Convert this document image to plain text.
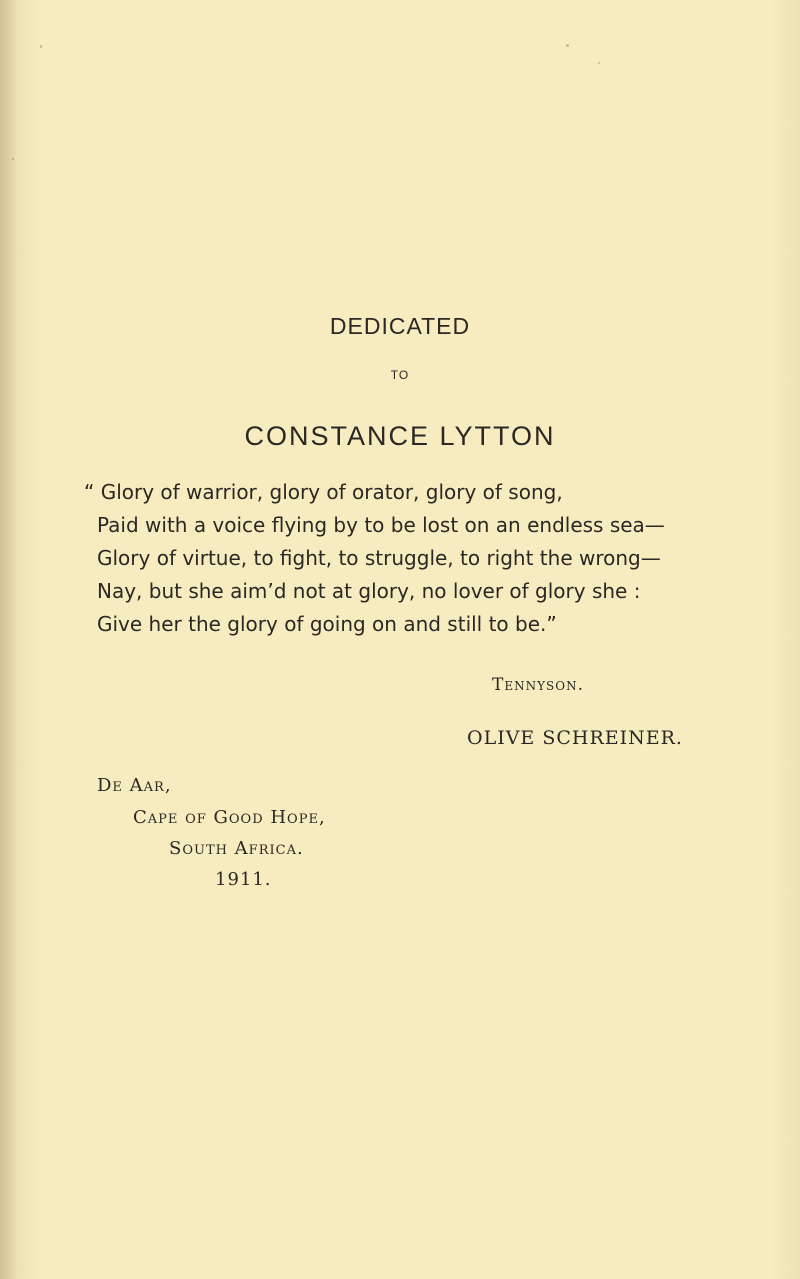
DEDICATED
TO
CONSTANCE LYTTON
“ Glory of warrior, glory of orator, glory of song,
Paid with a voice flying by to be lost on an endless sea—
Glory of virtue, to fight, to struggle, to right the wrong—
Nay, but she aim’d not at glory, no lover of glory she :
Give her the glory of going on and still to be.”
Tennyson.
OLIVE SCHREINER.
De Aar,
Cape of Good Hope,
South Africa.
1911.
